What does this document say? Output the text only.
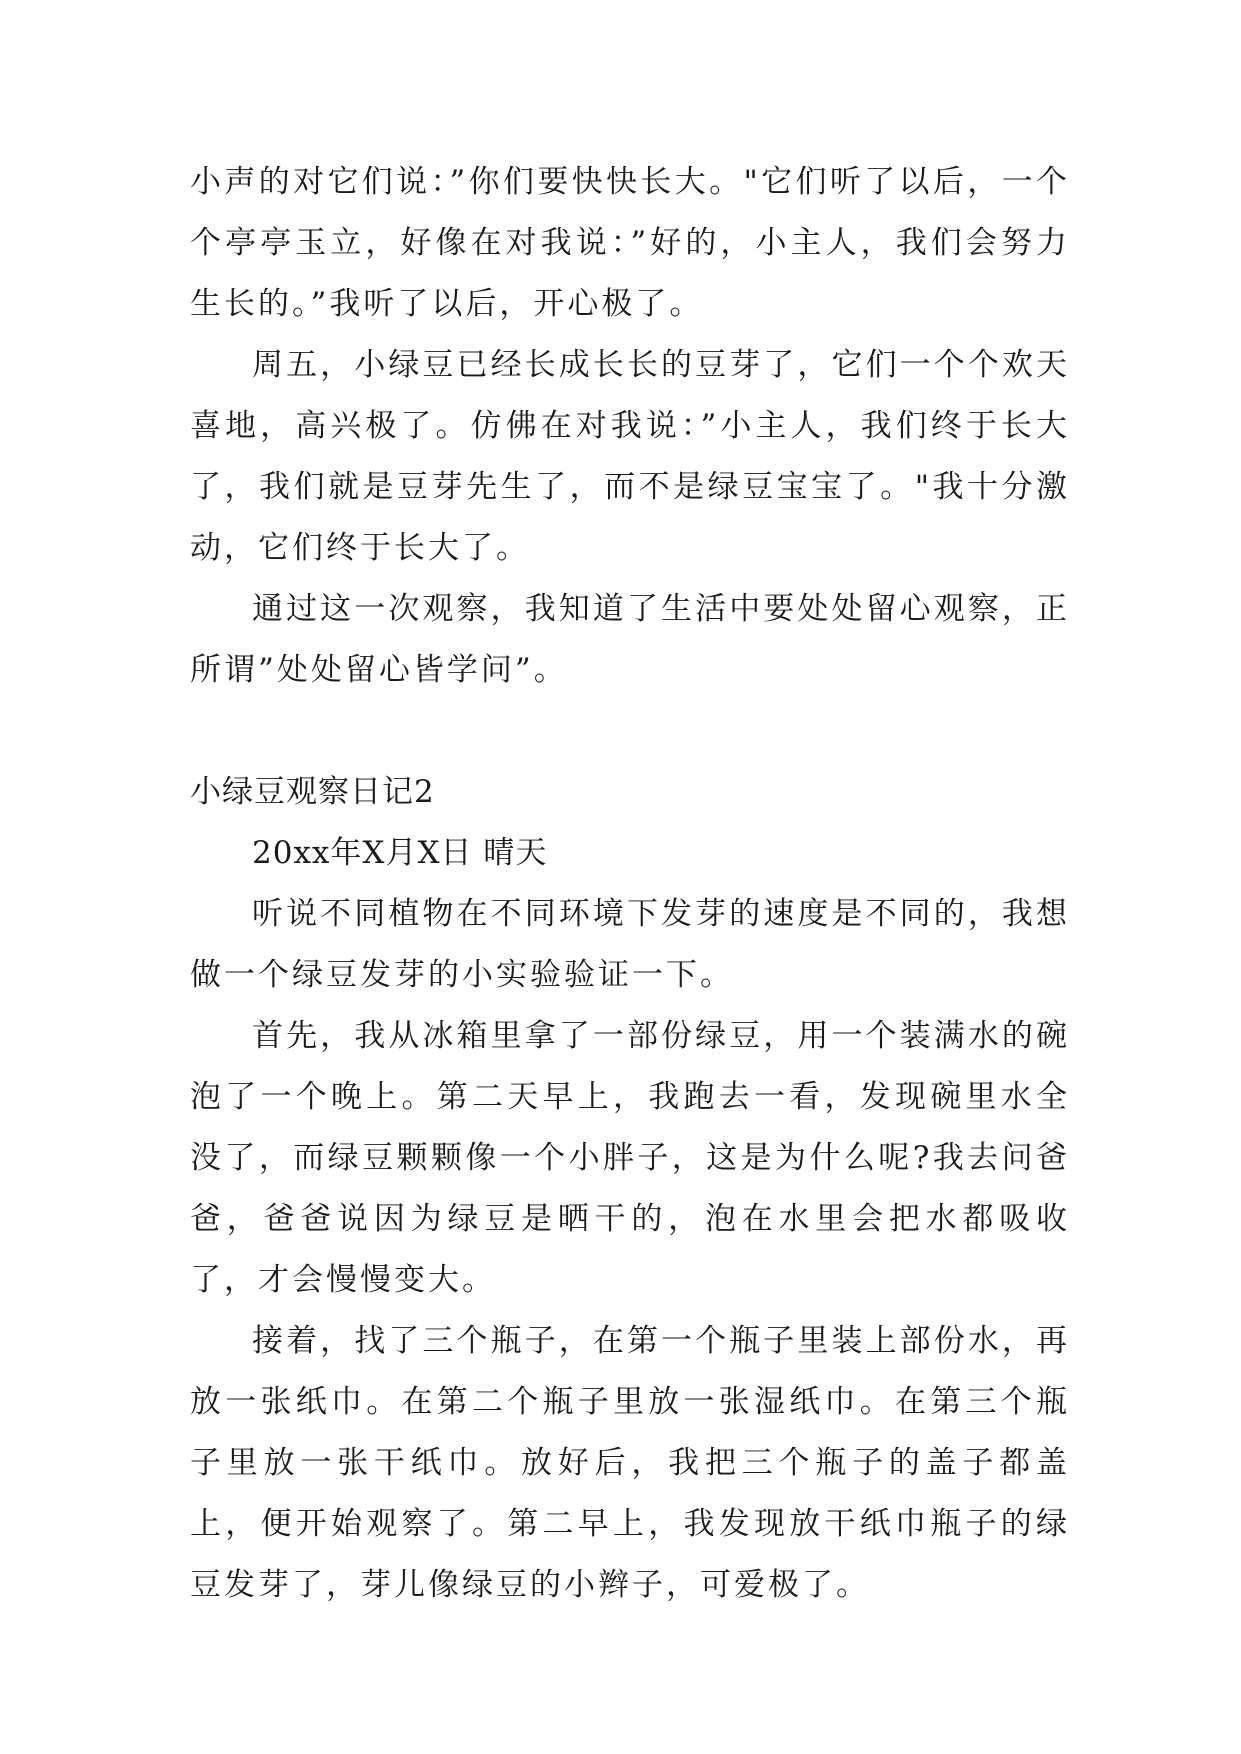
小声的对它们说：”你们要快快长大。"它们听了以后，一个个亭亭玉立，好像在对我说：”好的，小主人，我们会努力生长的。”我听了以后，开心极了。

周五，小绿豆已经长成长长的豆芽了，它们一个个欢天喜地，高兴极了。仿佛在对我说：”小主人，我们终于长大了，我们就是豆芽先生了，而不是绿豆宝宝了。"我十分激动，它们终于长大了。

通过这一次观察，我知道了生活中要处处留心观察，正所谓”处处留心皆学问”。

小绿豆观察日记2

20xx年X月X日 晴天

听说不同植物在不同环境下发芽的速度是不同的，我想做一个绿豆发芽的小实验验证一下。

首先，我从冰箱里拿了一部份绿豆，用一个装满水的碗泡了一个晚上。第二天早上，我跑去一看，发现碗里水全没了，而绿豆颗颗像一个小胖子，这是为什么呢?我去问爸爸，爸爸说因为绿豆是晒干的，泡在水里会把水都吸收了，才会慢慢变大。

接着，找了三个瓶子，在第一个瓶子里装上部份水，再放一张纸巾。在第二个瓶子里放一张湿纸巾。在第三个瓶子里放一张干纸巾。放好后，我把三个瓶子的盖子都盖上，便开始观察了。第二早上，我发现放干纸巾瓶子的绿豆发芽了，芽儿像绿豆的小辫子，可爱极了。
